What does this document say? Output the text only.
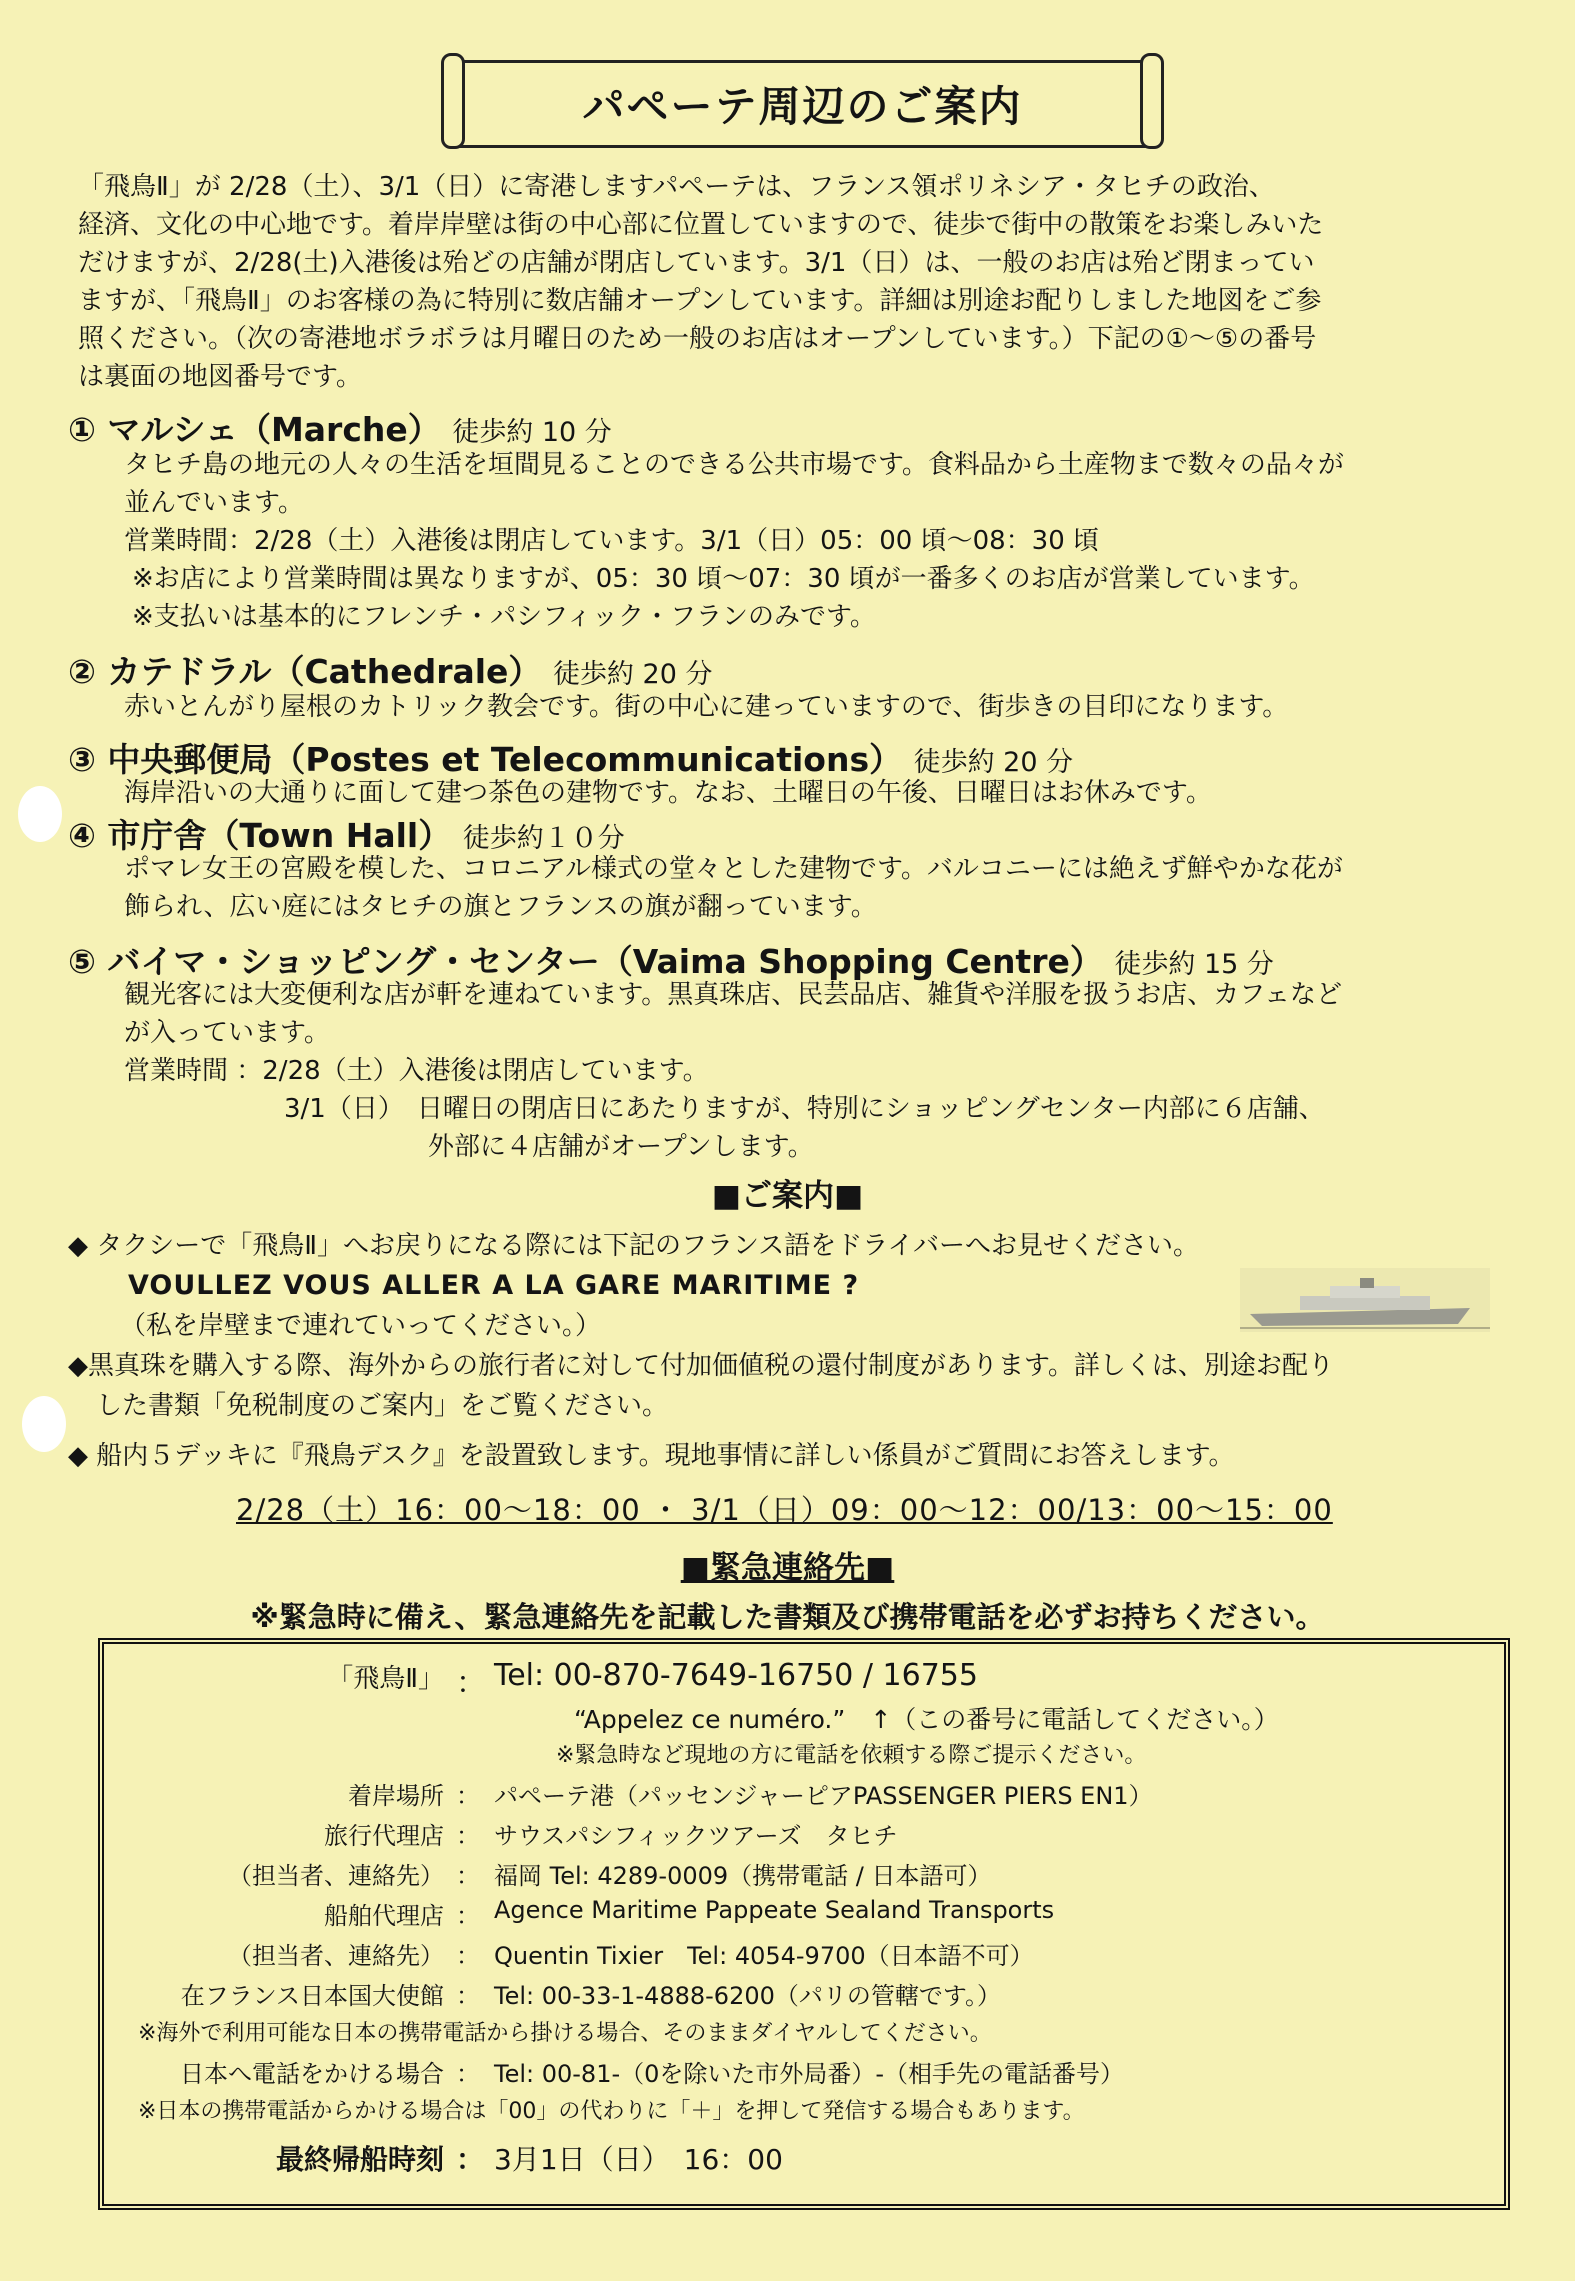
パペーテ周辺のご案内
「飛鳥Ⅱ」が 2/28（土）、3/1（日）に寄港しますパペーテは、フランス領ポリネシア・タヒチの政治、
経済、文化の中心地です。着岸岸壁は街の中心部に位置していますので、徒歩で街中の散策をお楽しみいた
だけますが、2/28(土)入港後は殆どの店舗が閉店しています。3/1（日）は、一般のお店は殆ど閉まってい
ますが、「飛鳥Ⅱ」のお客様の為に特別に数店舗オープンしています。詳細は別途お配りしました地図をご参
照ください。（次の寄港地ボラボラは月曜日のため一般のお店はオープンしています。）下記の①～⑤の番号
は裏面の地図番号です。
① マルシェ（Marche） 徒歩約 10 分

タヒチ島の地元の人々の生活を垣間見ることのできる公共市場です。食料品から土産物まで数々の品々が

並んでいます。

営業時間：2/28（土）入港後は閉店しています。3/1（日）05：00 頃～08：30 頃

※お店により営業時間は異なりますが、05：30 頃～07：30 頃が一番多くのお店が営業しています。

※支払いは基本的にフレンチ・パシフィック・フランのみです。

② カテドラル（Cathedrale） 徒歩約 20 分

赤いとんがり屋根のカトリック教会です。街の中心に建っていますので、街歩きの目印になります。

③ 中央郵便局（Postes et Telecommunications） 徒歩約 20 分

海岸沿いの大通りに面して建つ茶色の建物です。なお、土曜日の午後、日曜日はお休みです。

④ 市庁舎（Town Hall） 徒歩約１０分

ポマレ女王の宮殿を模した、コロニアル様式の堂々とした建物です。バルコニーには絶えず鮮やかな花が

飾られ、広い庭にはタヒチの旗とフランスの旗が翻っています。

⑤ バイマ・ショッピング・センター（Vaima Shopping Centre） 徒歩約 15 分

観光客には大変便利な店が軒を連ねています。黒真珠店、民芸品店、雑貨や洋服を扱うお店、カフェなど

が入っています。

営業時間 ：2/28（土）入港後は閉店しています。

3/1（日）　日曜日の閉店日にあたりますが、特別にショッピングセンター内部に６店舗、

外部に４店舗がオープンします。

■ご案内■

◆ タクシーで「飛鳥Ⅱ」へお戻りになる際には下記のフランス語をドライバーへお見せください。

VOULLEZ VOUS ALLER A LA GARE MARITIME ?

（私を岸壁まで連れていってください。）

◆黒真珠を購入する際、海外からの旅行者に対して付加価値税の還付制度があります。詳しくは、別途お配り

した書類「免税制度のご案内」をご覧ください。

◆ 船内５デッキに『飛鳥デスク』を設置致します。現地事情に詳しい係員がご質問にお答えします。

2/28（土）16：00～18：00 ・ 3/1（日）09：00～12：00/13：00～15：00
■緊急連絡先■
※緊急時に備え、緊急連絡先を記載した書類及び携帯電話を必ずお持ちください。
「飛鳥Ⅱ」 ： Tel: 00-870-7649-16750 / 16755
“Appelez ce numéro.”　↑（この番号に電話してください。）
※緊急時など現地の方に電話を依頼する際ご提示ください。
着岸場所 ： パペーテ港（パッセンジャーピアPASSENGER PIERS EN1）
旅行代理店 ： サウスパシフィックツアーズ　タヒチ
（担当者、連絡先） ： 福岡 Tel: 4289-0009（携帯電話 / 日本語可）
船舶代理店 ： Agence Maritime Pappeate Sealand Transports
（担当者、連絡先） ： Quentin Tixier　Tel: 4054-9700（日本語不可）
在フランス日本国大使館 ： Tel: 00-33-1-4888-6200（パリの管轄です。）
※海外で利用可能な日本の携帯電話から掛ける場合、そのままダイヤルしてください。
日本へ電話をかける場合 ： Tel: 00-81-（0を除いた市外局番）-（相手先の電話番号）
※日本の携帯電話からかける場合は「00」の代わりに「＋」を押して発信する場合もあります。
最終帰船時刻 ： 3月1日（日）　16：00
